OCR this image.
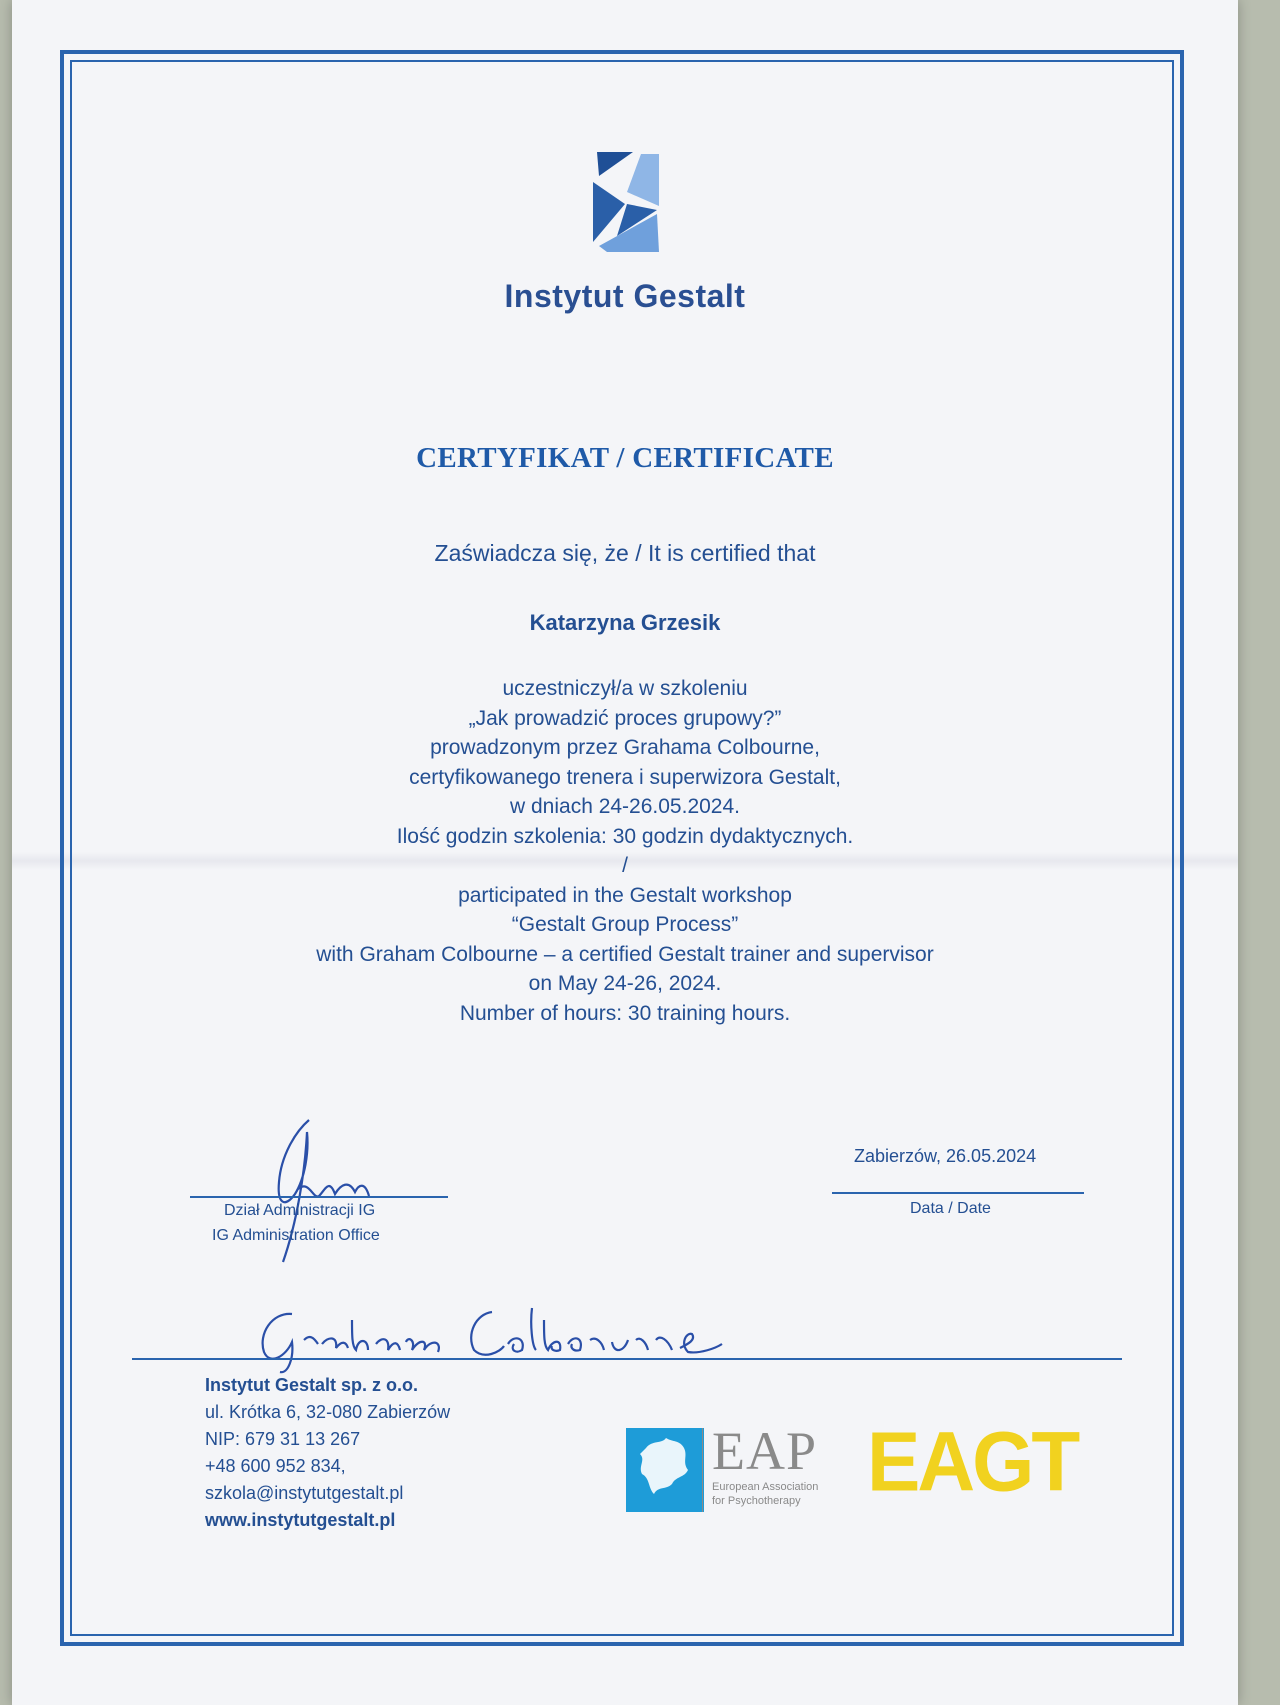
Instytut Gestalt
CERTYFIKAT / CERTIFICATE
Zaświadcza się, że / It is certified that
Katarzyna Grzesik
uczestniczył/a w szkoleniu
„Jak prowadzić proces grupowy?”
prowadzonym przez Grahama Colbourne,
certyfikowanego trenera i superwizora Gestalt,
w dniach 24-26.05.2024.
Ilość godzin szkolenia: 30 godzin dydaktycznych.
/
participated in the Gestalt workshop
“Gestalt Group Process”
with Graham Colbourne – a certified Gestalt trainer and supervisor
on May 24-26, 2024.
Number of hours: 30 training hours.
Dział Administracji IG
IG Administration Office
Zabierzów, 26.05.2024
Data / Date
Instytut Gestalt sp. z o.o.
ul. Krótka 6, 32-080 Zabierzów
NIP: 679 31 13 267
+48 600 952 834,
szkola@instytutgestalt.pl
www.instytutgestalt.pl
EAP
European Association
for Psychotherapy EAGT
